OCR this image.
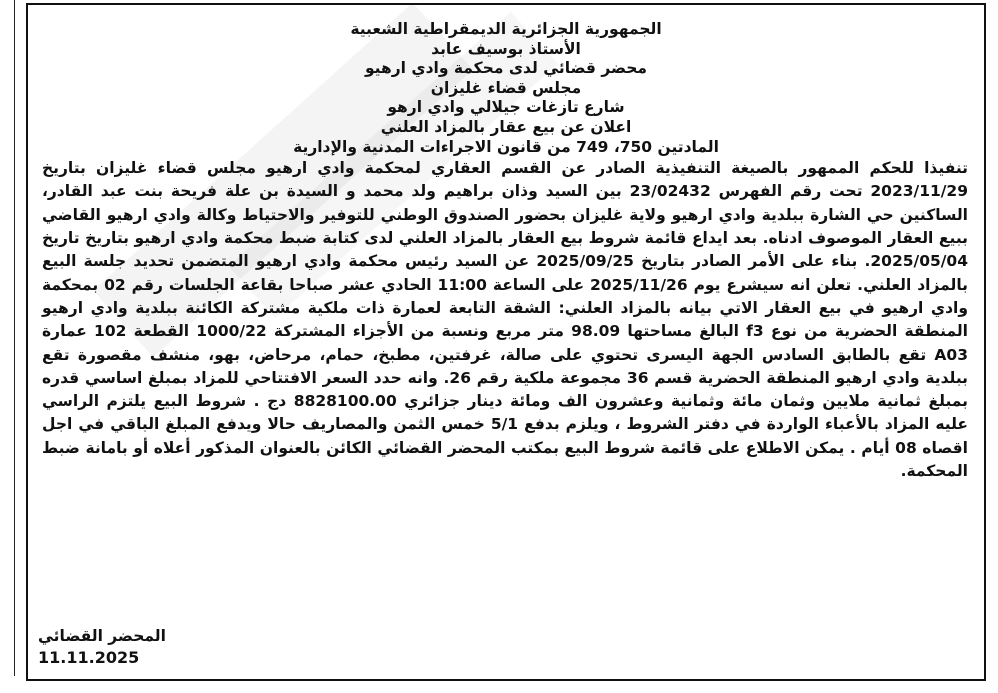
الجمهورية الجزائرية الديمقراطية الشعبية
الأستاذ بوسيف عابد
محضر قضائي لدى محكمة وادي ارهيو
مجلس قضاء غليزان
شارع تازغات جيلالي وادي ارهو
اعلان عن بيع عقار بالمزاد العلني
المادتين 750، 749 من قانون الاجراءات المدنية والإدارية
تنفيذا للحكم الممهور بالصيغة التنفيذية الصادر عن القسم العقاري لمحكمة وادي ارهيو مجلس قضاء غليزان بتاريخ 2023/11/29 تحت رقم الفهرس 23/02432 بين السيد وذان براهيم ولد محمد و السيدة بن علة فريحة بنت عبد القادر، الساكنين حي الشارة ببلدية وادي ارهيو ولاية غليزان بحضور الصندوق الوطني للتوفير والاحتياط وكالة وادي ارهيو القاضي ببيع العقار الموصوف ادناه. بعد ايداع قائمة شروط بيع العقار بالمزاد العلني لدى كتابة ضبط محكمة وادي ارهيو بتاريخ تاريخ 2025/05/04. بناء على الأمر الصادر بتاريخ 2025/09/25 عن السيد رئيس محكمة وادي ارهيو المتضمن تحديد جلسة البيع بالمزاد العلني. تعلن انه سيشرع يوم 2025/11/26 على الساعة 11:00 الحادي عشر صباحا بقاعة الجلسات رقم 02 بمحكمة وادي ارهيو في بيع العقار الاتي بيانه بالمزاد العلني: الشقة التابعة لعمارة ذات ملكية مشتركة الكائنة ببلدية وادي ارهيو المنطقة الحضرية من نوع f3 البالغ مساحتها 98.09 متر مربع ونسبة من الأجزاء المشتركة 1000/22 القطعة 102 عمارة A03 تقع بالطابق السادس الجهة اليسرى تحتوي على صالة، غرفتين، مطبخ، حمام، مرحاض، بهو، منشف مقصورة تقع ببلدية وادي ارهيو المنطقة الحضرية قسم 36 مجموعة ملكية رقم 26. وانه حدد السعر الافتتاحي للمزاد بمبلغ اساسي قدره بمبلغ ثمانية ملايين وثمان مائة وثمانية وعشرون الف ومائة دينار جزائري 8828100.00 دج . شروط البيع يلتزم الراسي عليه المزاد بالأعباء الواردة في دفتر الشروط ، ويلزم بدفع 5/1 خمس الثمن والمصاريف حالا ويدفع المبلغ الباقي في اجل اقصاه 08 أيام . يمكن الاطلاع على قائمة شروط البيع بمكتب المحضر القضائي الكائن بالعنوان المذكور أعلاه أو بامانة ضبط المحكمة.
المحضر القضائي
11.11.2025
